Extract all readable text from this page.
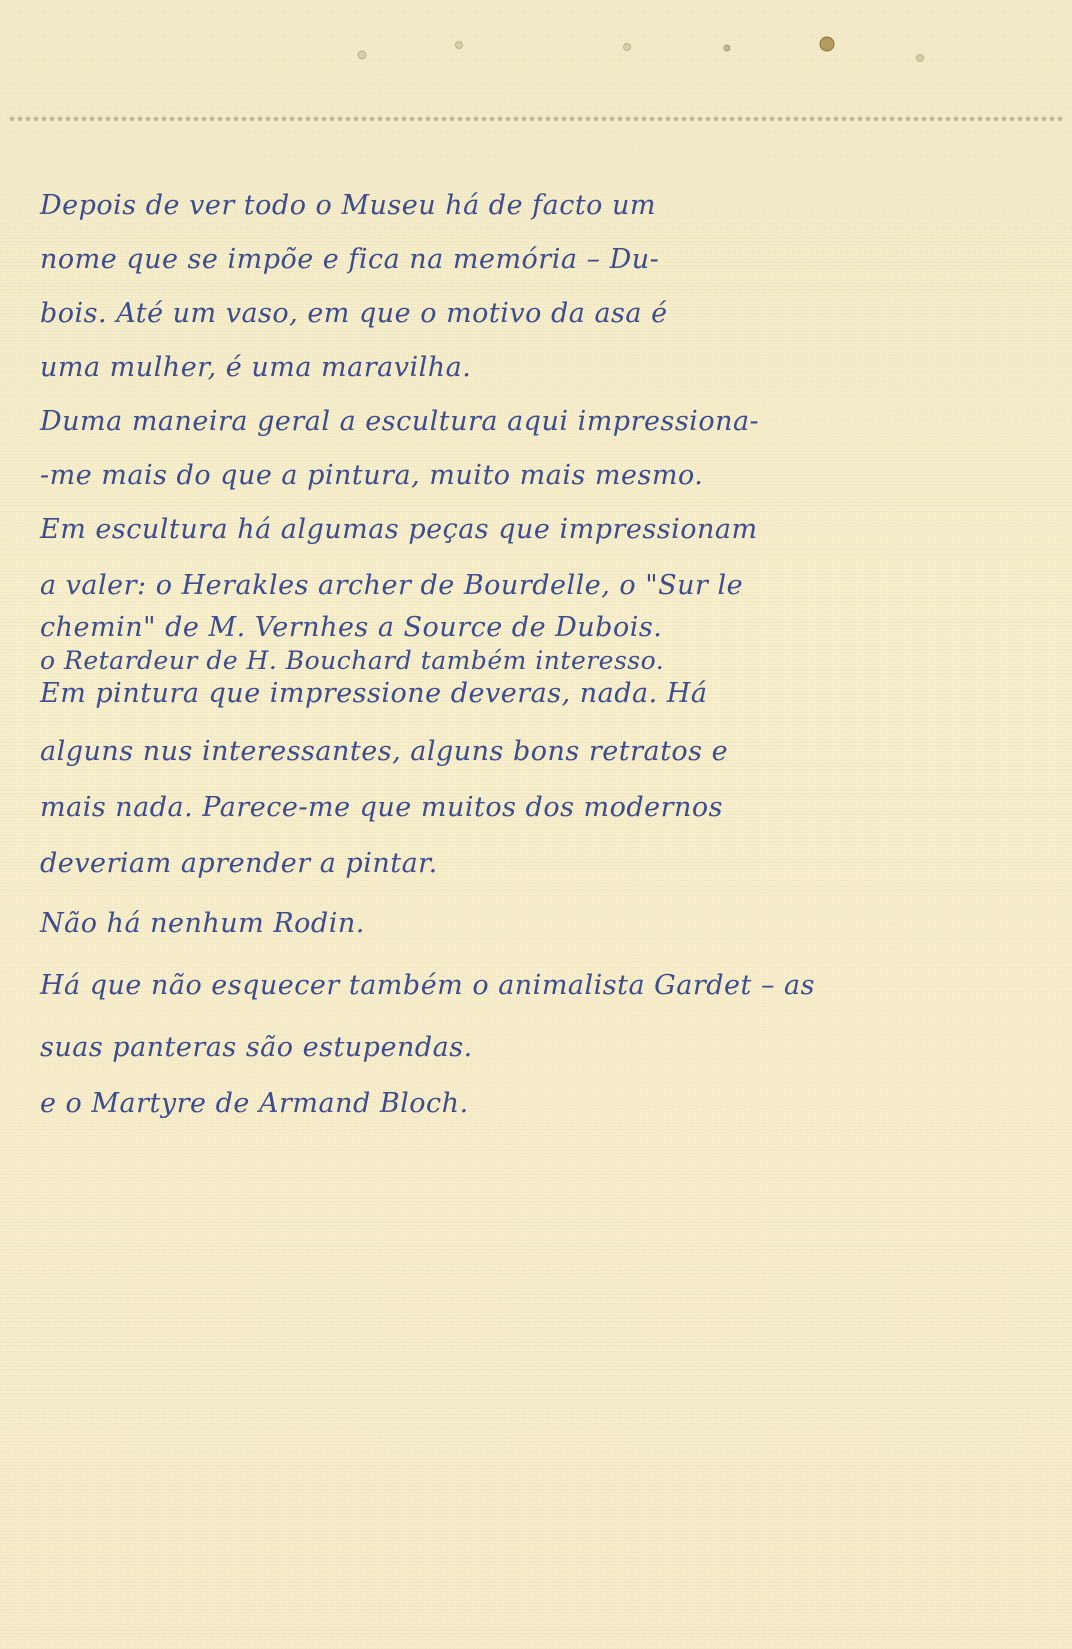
Depois de ver todo o Museu há de facto um
nome que se impõe e fica na memória – Du-
bois. Até um vaso, em que o motivo da asa é
uma mulher, é uma maravilha.
Duma maneira geral a escultura aqui impressiona-
-me mais do que a pintura, muito mais mesmo.
Em escultura há algumas peças que impressionam
a valer: o Herakles archer de Bourdelle, o "Sur le
chemin" de M. Vernhes a Source de Dubois.
o Retardeur de H. Bouchard também interesso.
Em pintura que impressione deveras, nada. Há
alguns nus interessantes, alguns bons retratos e
mais nada. Parece-me que muitos dos modernos
deveriam aprender a pintar.
Não há nenhum Rodin.
Há que não esquecer também o animalista Gardet – as
suas panteras são estupendas.
e o Martyre de Armand Bloch.
